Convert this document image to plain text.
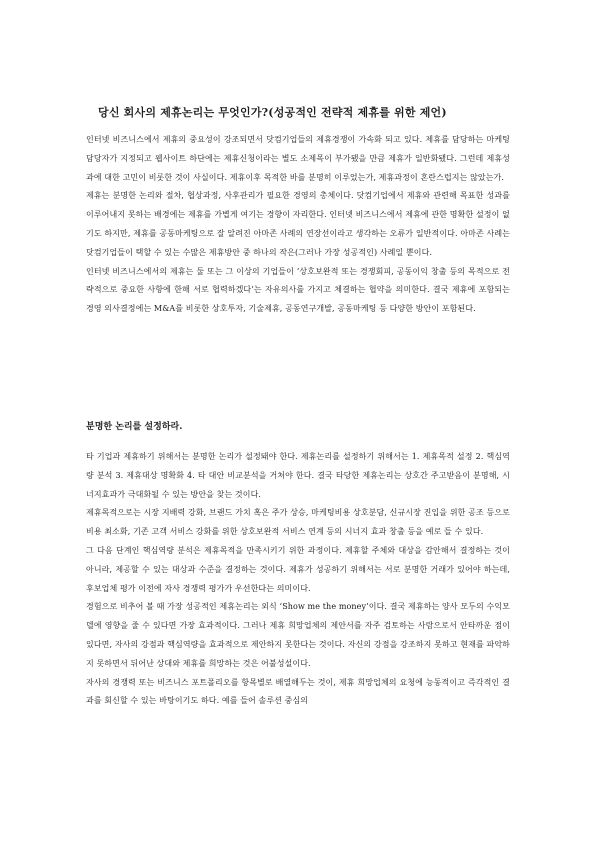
당신 회사의 제휴논리는 무엇인가?(성공적인 전략적 제휴를 위한 제언)

인터넷 비즈니스에서 제휴의 중요성이 강조되면서 닷컴기업들의 제휴경쟁이 가속화 되고 있다. 제휴를 담당하는 마케팅 담당자가 지정되고 웹사이트 하단에는 제휴신청이라는 별도 소제목이 부가됐을 만큼 제휴가 일반화됐다. 그런데 제휴성과에 대한 고민이 비롯한 것이 사실이다. 제휴이후 목적한 바를 분명히 이루었는가, 제휴과정이 혼란스럽지는 않았는가.

제휴는 분명한 논리와 절차, 협상과정, 사후관리가 필요한 경영의 총체이다. 닷컴기업에서 제휴와 관련해 목표한 성과를 이루어내지 못하는 배경에는 제휴를 가볍게 여기는 경향이 자리한다. 인터넷 비즈니스에서 제휴에 관한 명확한 설정이 없기도 하지만, 제휴를 공동마케팅으로 잘 알려진 아마존 사례의 연장선이라고 생각하는 오류가 일반적이다. 아마존 사례는 닷컴기업들이 택할 수 있는 수많은 제휴방안 중 하나의 작은(그러나 가장 성공적인) 사례일 뿐이다.

인터넷 비즈니스에서의 제휴는 둘 또는 그 이상의 기업들이 ‘상호보완적 또는 경쟁회피, 공동이익 창출 등의 목적으로 전략적으로 중요한 사항에 한해 서로 협력하겠다’는 자유의사를 가지고 체결하는 협약을 의미한다. 결국 제휴에 포함되는 경영 의사결정에는 M&A를 비롯한 상호투자, 기술제휴, 공동연구개발, 공동마케팅 등 다양한 방안이 포함된다.

분명한 논리를 설정하라.

타 기업과 제휴하기 위해서는 분명한 논리가 설정돼야 한다. 제휴논리를 설정하기 위해서는 1. 제휴목적 설정 2. 핵심역량 분석 3. 제휴대상 명확화 4. 타 대안 비교분석을 거쳐야 한다. 결국 타당한 제휴논리는 상호간 주고받음이 분명해, 시너지효과가 극대화될 수 있는 방안을 찾는 것이다.

제휴목적으로는 시장 지배력 강화, 브랜드 가치 혹은 주가 상승, 마케팅비용 상호분담, 신규시장 진입을 위한 공조 등으로 비용 최소화, 기존 고객 서비스 강화를 위한 상호보완적 서비스 연계 등의 시너지 효과 창출 등을 예로 들 수 있다.

그 다음 단계인 핵심역량 분석은 제휴목적을 만족시키기 위한 과정이다. 제휴할 주체와 대상을 감안해서 결정하는 것이 아니라, 제공할 수 있는 대상과 수준을 결정하는 것이다. 제휴가 성공하기 위해서는 서로 분명한 거래가 있어야 하는데, 후보업체 평가 이전에 자사 경쟁력 평가가 우선한다는 의미이다.

경험으로 비추어 볼 때 가장 성공적인 제휴논리는 외식 ‘Show me the money’이다. 결국 제휴하는 양사 모두의 수익모델에 영향을 줄 수 있다면 가장 효과적이다. 그러나 제휴 희망업체의 제안서를 자주 검토하는 사람으로서 안타까운 점이 있다면, 자사의 강점과 핵심역량을 효과적으로 제안하지 못한다는 것이다. 자신의 강점을 강조하지 못하고 현재를 파악하지 못하면서 뒤어난 상대와 제휴를 희망하는 것은 어불성설이다.

자사의 경쟁력 또는 비즈니스 포트폴리오를 항목별로 배열해두는 것이, 제휴 희망업체의 요청에 능동적이고 즉각적인 결과를 회신할 수 있는 바탕이기도 하다. 예를 들어 솔루션 중심의
